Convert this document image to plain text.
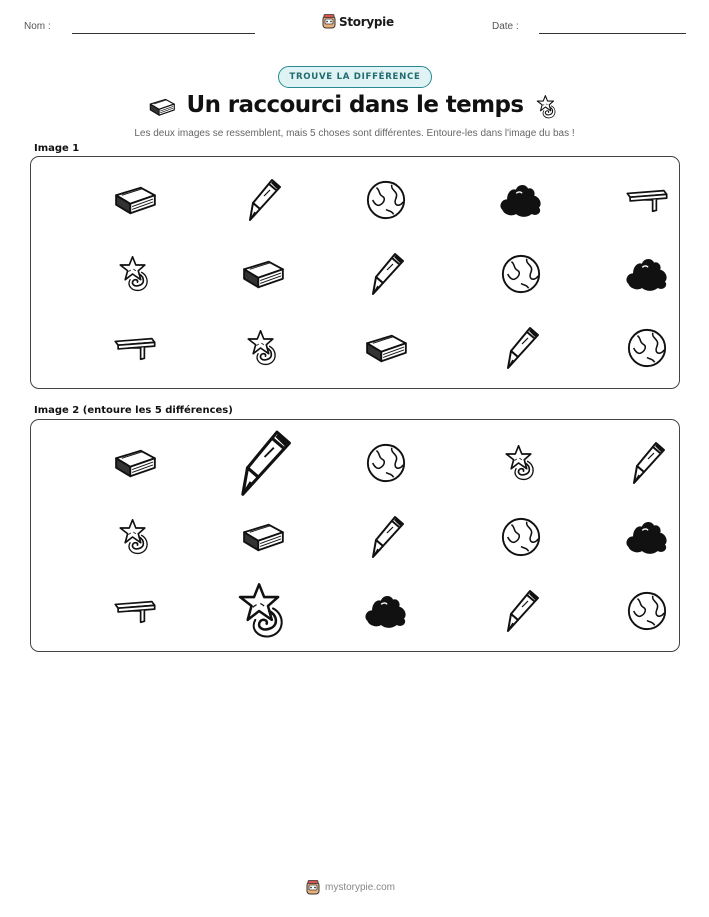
Nom :	Storypie	Date :
TROUVE LA DIFFÉRENCE
Un raccourci dans le temps
Les deux images se ressemblent, mais 5 choses sont différentes. Entoure-les dans l'image du bas !
Image 1
Image 2 (entoure les 5 différences)
mystorypie.com
